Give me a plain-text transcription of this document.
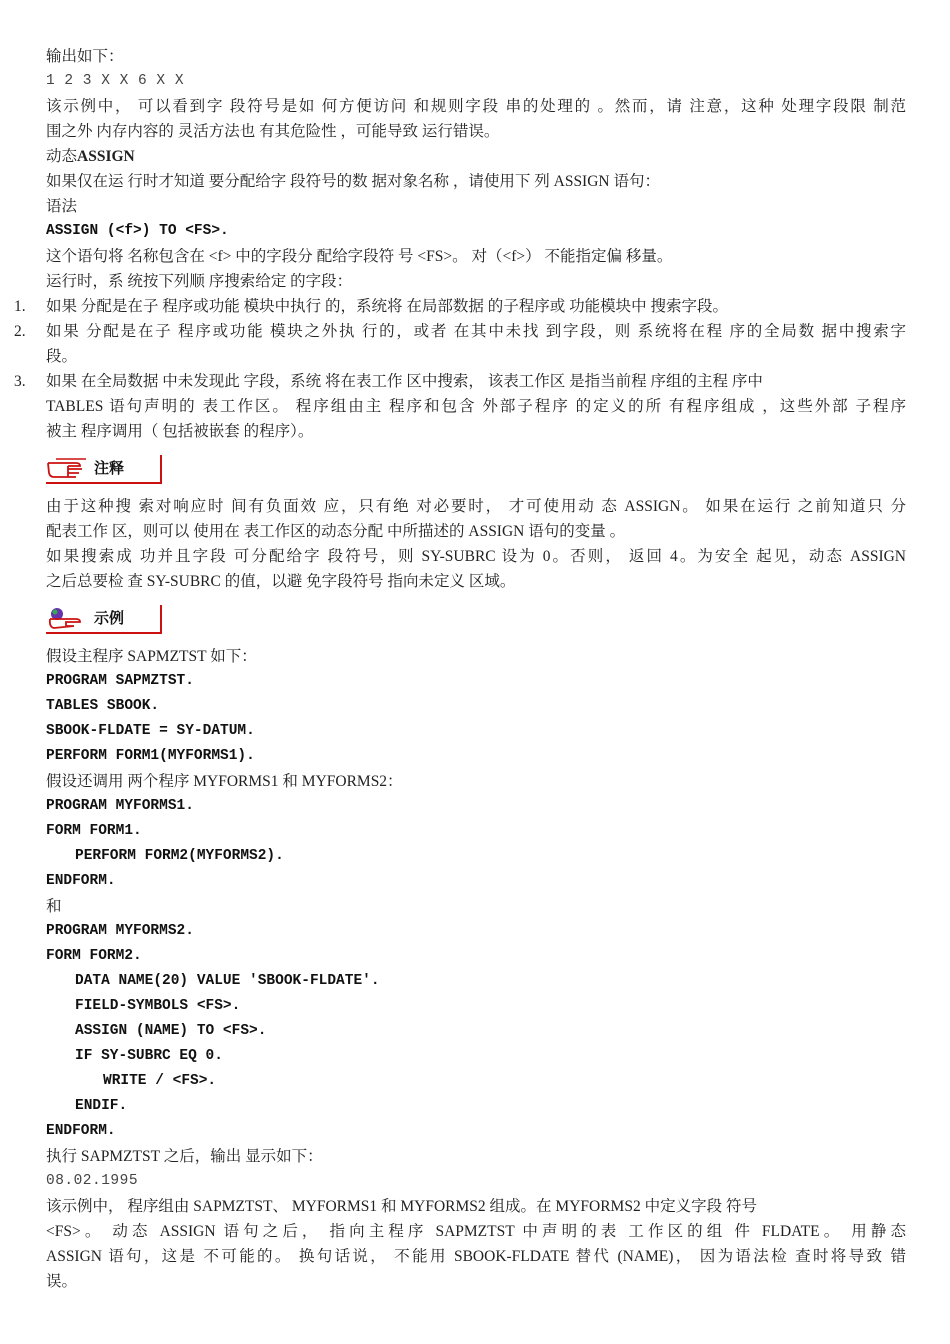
输出如下：
1 2 3 X X 6 X X
该示例中， 可以看到字 段符号是如 何方便访问 和规则字段 串的处理的 。然而，请 注意，这种 处理字段限 制范
围之外 内存内容的 灵活方法也 有其危险性 ，可能导致 运行错误。
动态ASSIGN
如果仅在运 行时才知道 要分配给字 段符号的数 据对象名称 ，请使用下 列 ASSIGN 语句：
语法
ASSIGN (<f>) TO <FS>.
这个语句将 名称包含在 <f> 中的字段分 配给字段符 号 <FS>。 对（<f>） 不能指定偏 移量。
运行时，系 统按下列顺 序搜索给定 的字段：
1. 如果 分配是在子 程序或功能 模块中执行 的，系统将 在局部数据 的子程序或 功能模块中 搜索字段。
2. 如果 分配是在子 程序或功能 模块之外执 行的，或者 在其中未找 到字段，则 系统将在程 序的全局数 据中搜索字
段。
3. 如果 在全局数据 中未发现此 字段，系统 将在表工作 区中搜索， 该表工作区 是指当前程 序组的主程 序中
TABLES 语句声明的 表工作区。 程序组由主 程序和包含 外部子程序 的定义的所 有程序组成 ，这些外部 子程序
被主 程序调用（ 包括被嵌套 的程序）。
注释
由于这种搜 索对响应时 间有负面效 应，只有绝 对必要时， 才可使用动 态 ASSIGN。 如果在运行 之前知道只 分
配表工作 区，则可以 使用在 表工作区的动态分配 中所描述的 ASSIGN 语句的变量 。
如果搜索成 功并且字段 可分配给字 段符号，则 SY-SUBRC 设为 0。否则， 返回 4。为安全 起见，动态 ASSIGN
之后总要检 查 SY-SUBRC 的值，以避 免字段符号 指向未定义 区域。
示例
假设主程序 SAPMZTST 如下：
PROGRAM SAPMZTST.
TABLES SBOOK.
SBOOK-FLDATE = SY-DATUM.
PERFORM FORM1(MYFORMS1).
假设还调用 两个程序 MYFORMS1 和 MYFORMS2：
PROGRAM MYFORMS1.
FORM FORM1.
PERFORM FORM2(MYFORMS2).
ENDFORM.
和
PROGRAM MYFORMS2.
FORM FORM2.
DATA NAME(20) VALUE 'SBOOK-FLDATE'.
FIELD-SYMBOLS <FS>.
ASSIGN (NAME) TO <FS>.
IF SY-SUBRC EQ 0.
WRITE / <FS>.
ENDIF.
ENDFORM.
执行 SAPMZTST 之后，输出 显示如下：
08.02.1995
该示例中， 程序组由 SAPMZTST、 MYFORMS1 和 MYFORMS2 组成。在 MYFORMS2 中定义字段 符号
<FS>。 动态 ASSIGN 语句之后， 指向主程序 SAPMZTST 中声明的表 工作区的组 件 FLDATE。 用静态
ASSIGN 语句，这是 不可能的。 换句话说， 不能用 SBOOK-FLDATE 替代 (NAME)， 因为语法检 查时将导致 错
误。
